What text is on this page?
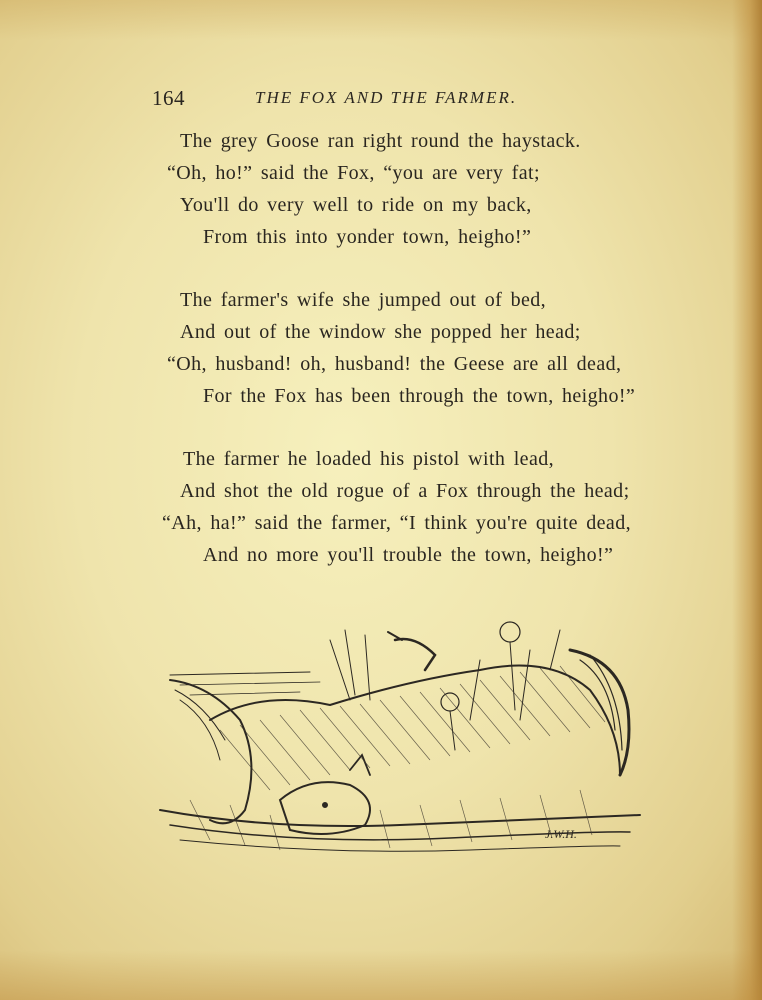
164	THE FOX AND THE FARMER.
The grey Goose ran right round the haystack.
“Oh, ho!” said the Fox, “you are very fat;
You'll do very well to ride on my back,
From this into yonder town, heigho!”
The farmer's wife she jumped out of bed,
And out of the window she popped her head;
“Oh, husband! oh, husband! the Geese are all dead,
For the Fox has been through the town, heigho!”
The farmer he loaded his pistol with lead,
And shot the old rogue of a Fox through the head;
“Ah, ha!” said the farmer, “I think you're quite dead,
And no more you'll trouble the town, heigho!”
J.W.H.
